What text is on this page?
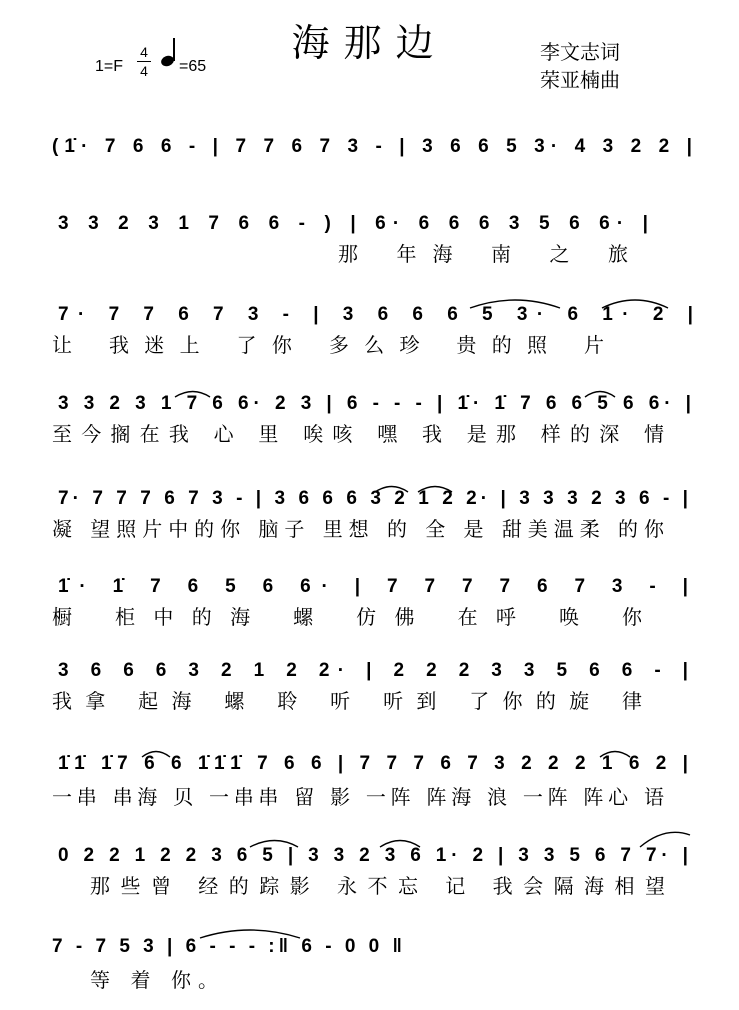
海那边	李文志词
荣亚楠曲
1=F
4
4 =65
(1̇· 7 6 6 - | 7 7 6 7 3 - | 3 6 6 5 3· 4 3 2 2 |
3 3 2 3 1 7 6 6 - ) | 6· 6 6 6 3 5 6 6· |
7· 7 7 6 7 3 - | 3 6 6 6 5 3· 6 1· 2 |
3 3 2 3 1 7 6 6· 2 3 | 6 - - - | 1̇· 1̇ 7 6 6 5 6 6· |
7· 7 7 7 6 7 3 - | 3 6 6 6 3 2 1 2 2· | 3 3 3 2 3 6 - |
1̇· 1̇ 7 6 5 6 6· | 7 7 7 7 6 7 3 - |
3 6 6 6 3 2 1 2 2· | 2 2 2 3 3 5 6 6 - |
1̇1̇ 1̇7 6 6 1̇1̇1̇ 7 6 6 | 7 7 7 6 7 3 2 2 2 1 6 2 |
0 2 2 1 2 2 3 6 5 | 3 3 2 3 6 1· 2 | 3 3 5 6 7 7· |
7 - 7 5 3 | 6 - - - :‖ 6 - 0 0 ‖
那 年海 南 之 旅
让 我迷上 了你 多么珍 贵的照 片
至今搁在我 心 里 唉咳 嘿 我 是那 样的深 情
凝 望照片中的你 脑子 里想 的 全 是 甜美温柔 的你
橱 柜中的海 螺 仿佛 在呼 唤 你
我拿 起海 螺 聆 听 听到 了你的旋 律
一串 串海 贝 一串串 留 影 一阵 阵海 浪 一阵 阵心 语
那些曾 经的踪影 永不忘 记 我会隔海相望
等 着 你。
